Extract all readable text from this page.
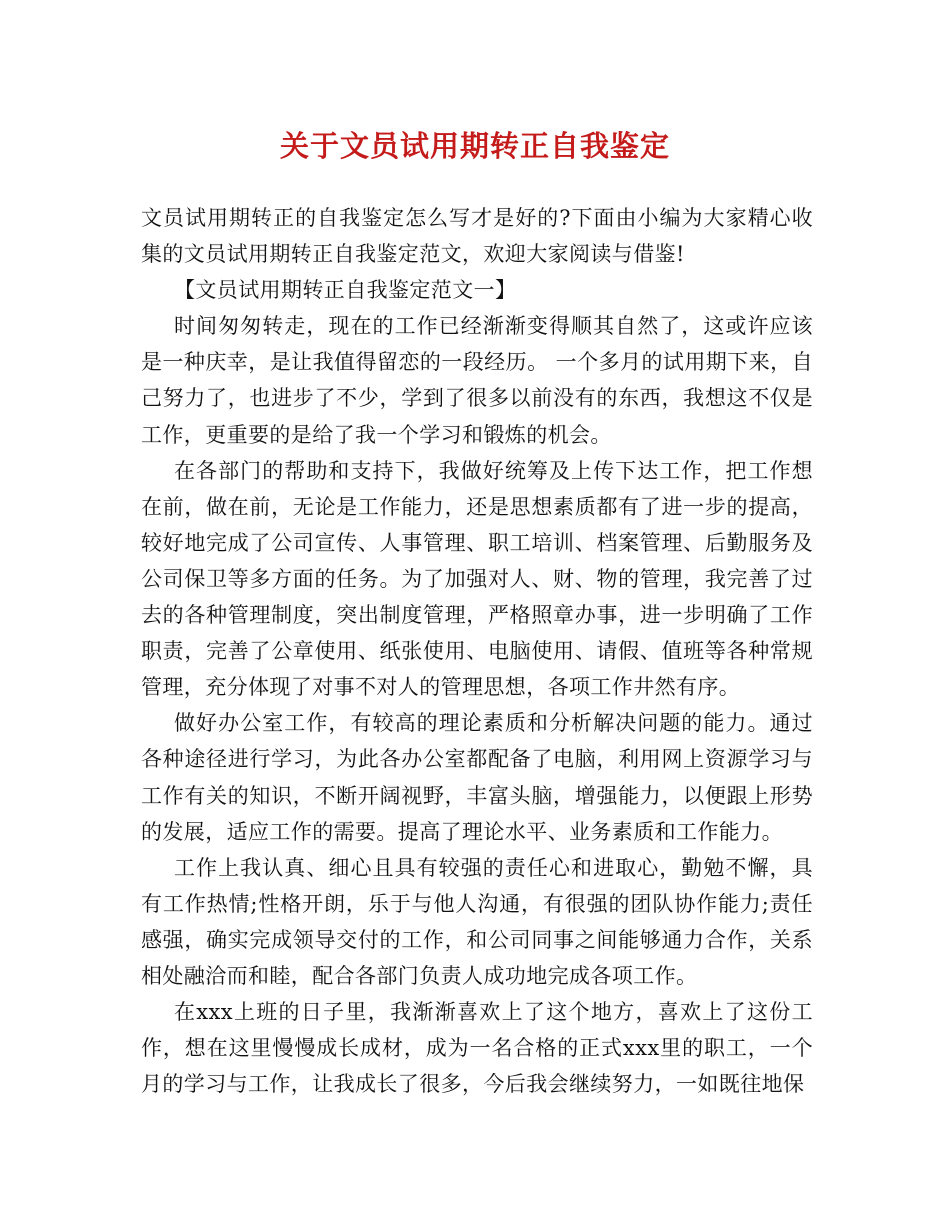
关于文员试用期转正自我鉴定

文员试用期转正的自我鉴定怎么写才是好的?下面由小编为大家精心收集的文员试用期转正自我鉴定范文，欢迎大家阅读与借鉴!

【文员试用期转正自我鉴定范文一】

时间匆匆转走，现在的工作已经渐渐变得顺其自然了，这或许应该是一种庆幸，是让我值得留恋的一段经历。 一个多月的试用期下来，自己努力了，也进步了不少，学到了很多以前没有的东西，我想这不仅是工作，更重要的是给了我一个学习和锻炼的机会。

在各部门的帮助和支持下，我做好统筹及上传下达工作，把工作想在前，做在前，无论是工作能力，还是思想素质都有了进一步的提高，较好地完成了公司宣传、人事管理、职工培训、档案管理、后勤服务及公司保卫等多方面的任务。为了加强对人、财、物的管理，我完善了过去的各种管理制度，突出制度管理，严格照章办事，进一步明确了工作职责，完善了公章使用、纸张使用、电脑使用、请假、值班等各种常规管理，充分体现了对事不对人的管理思想，各项工作井然有序。

做好办公室工作，有较高的理论素质和分析解决问题的能力。通过各种途径进行学习，为此各办公室都配备了电脑，利用网上资源学习与工作有关的知识，不断开阔视野，丰富头脑，增强能力，以便跟上形势的发展，适应工作的需要。提高了理论水平、业务素质和工作能力。

工作上我认真、细心且具有较强的责任心和进取心，勤勉不懈，具有工作热情;性格开朗，乐于与他人沟通，有很强的团队协作能力;责任感强，确实完成领导交付的工作，和公司同事之间能够通力合作，关系相处融洽而和睦，配合各部门负责人成功地完成各项工作。

在xxx上班的日子里，我渐渐喜欢上了这个地方，喜欢上了这份工作，想在这里慢慢成长成材，成为一名合格的正式xxx里的职工，一个月的学习与工作，让我成长了很多，今后我会继续努力，一如既往地保
